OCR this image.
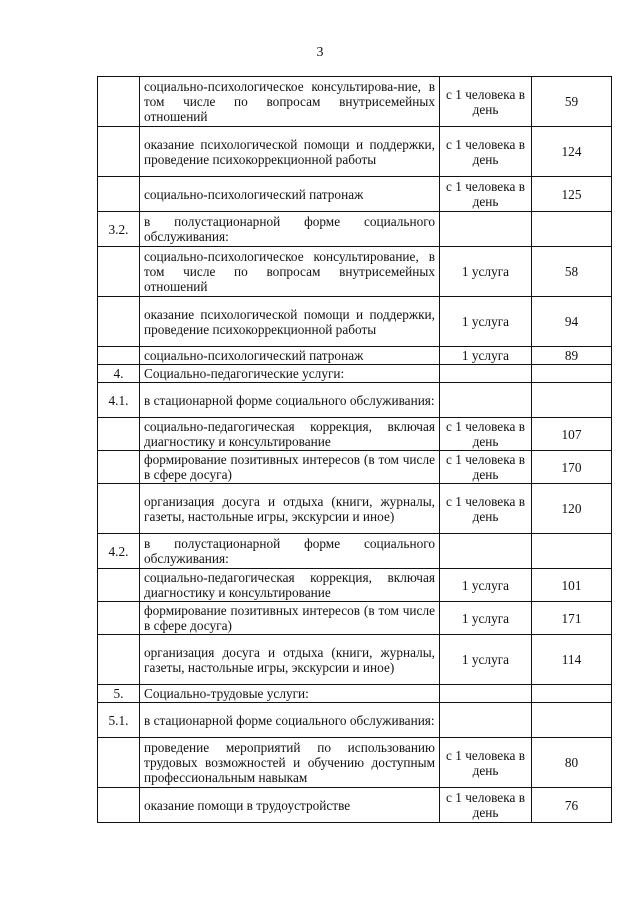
3
	социально-психологическое консультирова-ние, в том числе по вопросам внутрисемейных отношений	с 1 человека в день	59
	оказание психологической помощи и поддержки, проведение психокоррекционной работы	с 1 человека в день	124
	социально-психологический патронаж	с 1 человека в день	125
3.2.	в полустационарной форме социального обслуживания:		
	социально-психологическое консультирование, в том числе по вопросам внутрисемейных отношений	1 услуга	58
	оказание психологической помощи и поддержки, проведение психокоррекционной работы	1 услуга	94
	социально-психологический патронаж	1 услуга	89
4.	Социально-педагогические услуги:		
4.1.	в стационарной форме социального обслуживания:		
	социально-педагогическая коррекция, включая диагностику и консультирование	с 1 человека в день	107
	формирование позитивных интересов (в том числе в сфере досуга)	с 1 человека в день	170
	организация досуга и отдыха (книги, журналы, газеты, настольные игры, экскурсии и иное)	с 1 человека в день	120
4.2.	в полустационарной форме социального обслуживания:		
	социально-педагогическая коррекция, включая диагностику и консультирование	1 услуга	101
	формирование позитивных интересов (в том числе в сфере досуга)	1 услуга	171
	организация досуга и отдыха (книги, журналы, газеты, настольные игры, экскурсии и иное)	1 услуга	114
5.	Социально-трудовые услуги:		
5.1.	в стационарной форме социального обслуживания:		
	проведение мероприятий по использованию трудовых возможностей и обучению доступным профессиональным навыкам	с 1 человека в день	80
	оказание помощи в трудоустройстве	с 1 человека в день	76
